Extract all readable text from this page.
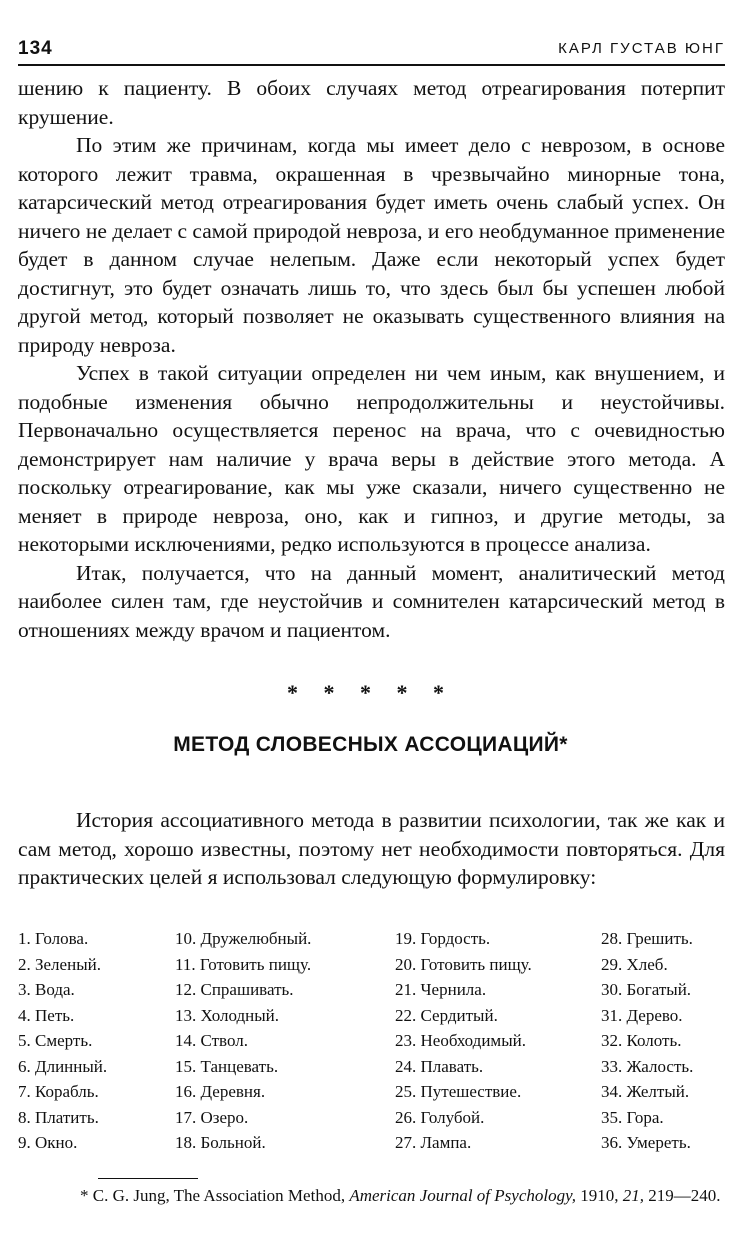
134	КАРЛ ГУСТАВ ЮНГ

шению к пациенту. В обоих случаях метод отреагирования потерпит крушение.

По этим же причинам, когда мы имеет дело с неврозом, в основе которого лежит травма, окрашенная в чрезвычайно минорные тона, катарсический метод отреагирования будет иметь очень слабый успех. Он ничего не делает с самой природой невроза, и его необдуманное применение будет в данном случае нелепым. Даже если некоторый успех будет достигнут, это будет означать лишь то, что здесь был бы успешен любой другой метод, который позволяет не оказывать существенного влияния на природу невроза.

Успех в такой ситуации определен ни чем иным, как внушением, и подобные изменения обычно непродолжительны и неустойчивы. Первоначально осуществляется перенос на врача, что с очевидностью демонстрирует нам наличие у врача веры в действие этого метода. А поскольку отреагирование, как мы уже сказали, ничего существенно не меняет в природе невроза, оно, как и гипноз, и другие методы, за некоторыми исключениями, редко используются в процессе анализа.

Итак, получается, что на данный момент, аналитический метод наиболее силен там, где неустойчив и сомнителен катарсический метод в отношениях между врачом и пациентом.

* * * * *
МЕТОД СЛОВЕСНЫХ АССОЦИАЦИЙ*

История ассоциативного метода в развитии психологии, так же как и сам метод, хорошо известны, поэтому нет необходимости повторяться. Для практических целей я использовал следующую формулировку:

1. Голова.
2. Зеленый.
3. Вода.
4. Петь.
5. Смерть.
6. Длинный.
7. Корабль.
8. Платить.
9. Окно.
10. Дружелюбный.
11. Готовить пищу.
12. Спрашивать.
13. Холодный.
14. Ствол.
15. Танцевать.
16. Деревня.
17. Озеро.
18. Больной.
19. Гордость.
20. Готовить пищу.
21. Чернила.
22. Сердитый.
23. Необходимый.
24. Плавать.
25. Путешествие.
26. Голубой.
27. Лампа.
28. Грешить.
29. Хлеб.
30. Богатый.
31. Дерево.
32. Колоть.
33. Жалость.
34. Желтый.
35. Гора.
36. Умереть.
* C. G. Jung, The Association Method, American Journal of Psychology, 1910, 21, 219—240.
